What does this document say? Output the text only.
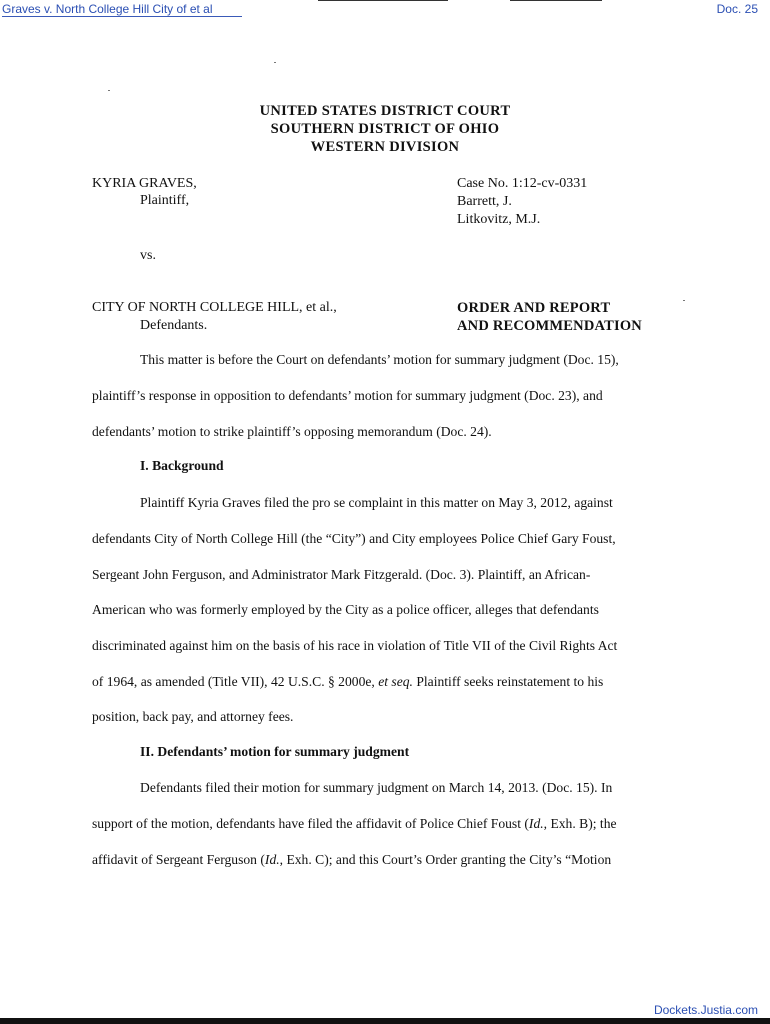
Graves v. North College Hill City of et al	Doc. 25
UNITED STATES DISTRICT COURT
SOUTHERN DISTRICT OF OHIO
WESTERN DIVISION
KYRIA GRAVES,
Plaintiff,
vs.
CITY OF NORTH COLLEGE HILL, et al.,
Defendants.
Case No. 1:12-cv-0331
Barrett, J.
Litkovitz, M.J.
ORDER AND REPORT
AND RECOMMENDATION
This matter is before the Court on defendants’ motion for summary judgment (Doc. 15),
plaintiff’s response in opposition to defendants’ motion for summary judgment (Doc. 23), and
defendants’ motion to strike plaintiff’s opposing memorandum (Doc. 24).
I. Background
Plaintiff Kyria Graves filed the pro se complaint in this matter on May 3, 2012, against
defendants City of North College Hill (the “City”) and City employees Police Chief Gary Foust,
Sergeant John Ferguson, and Administrator Mark Fitzgerald. (Doc. 3). Plaintiff, an African-
American who was formerly employed by the City as a police officer, alleges that defendants
discriminated against him on the basis of his race in violation of Title VII of the Civil Rights Act
of 1964, as amended (Title VII), 42 U.S.C. § 2000e, et seq. Plaintiff seeks reinstatement to his
position, back pay, and attorney fees.
II. Defendants’ motion for summary judgment
Defendants filed their motion for summary judgment on March 14, 2013. (Doc. 15). In
support of the motion, defendants have filed the affidavit of Police Chief Foust (Id., Exh. B); the
affidavit of Sergeant Ferguson (Id., Exh. C); and this Court’s Order granting the City’s “Motion
Dockets.Justia.com
